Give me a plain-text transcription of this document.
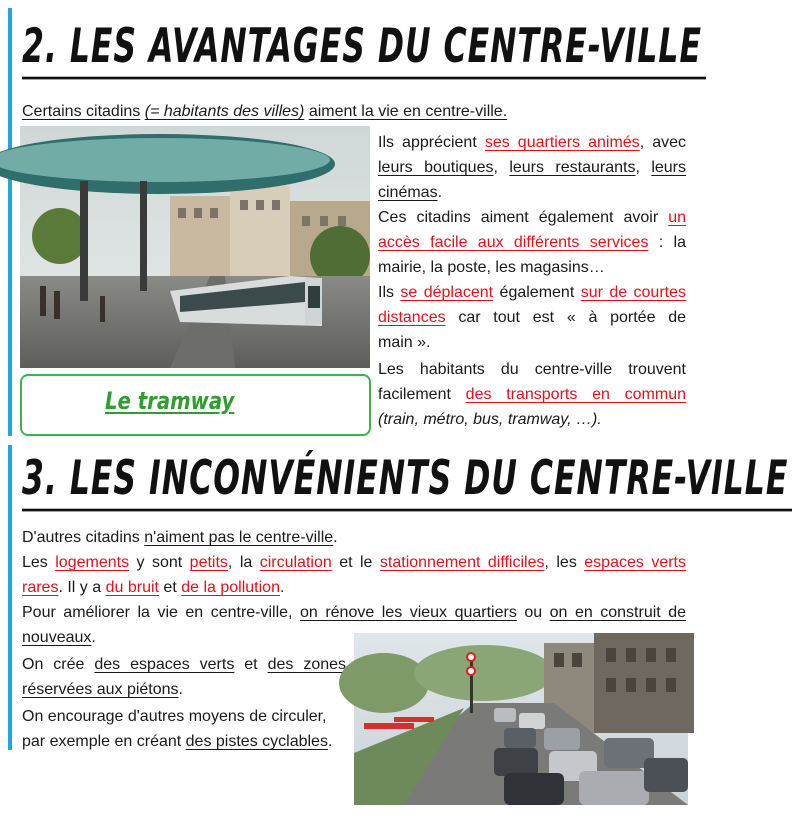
2. LES AVANTAGES DU CENTRE-VILLE
Certains citadins (= habitants des villes) aiment la vie en centre-ville.
Le tramway
Ils apprécient ses quartiers animés, avec
leurs boutiques, leurs restaurants, leurs
cinémas.
Ces citadins aiment également avoir un
accès facile aux différents services : la
mairie, la poste, les magasins…
Ils se déplacent également sur de courtes
distances car tout est « à portée de
main ».
Les habitants du centre-ville trouvent
facilement des transports en commun
(train, métro, bus, tramway, …).
3. LES INCONVÉNIENTS DU CENTRE-VILLE
D'autres citadins n'aiment pas le centre-ville.
Les logements y sont petits, la circulation et le stationnement difficiles, les espaces verts
rares. Il y a du bruit et de la pollution.
Pour améliorer la vie en centre-ville, on rénove les vieux quartiers ou on en construit de
nouveaux.
On crée des espaces verts et des zones
réservées aux piétons.
On encourage d'autres moyens de circuler,
par exemple en créant des pistes cyclables.
